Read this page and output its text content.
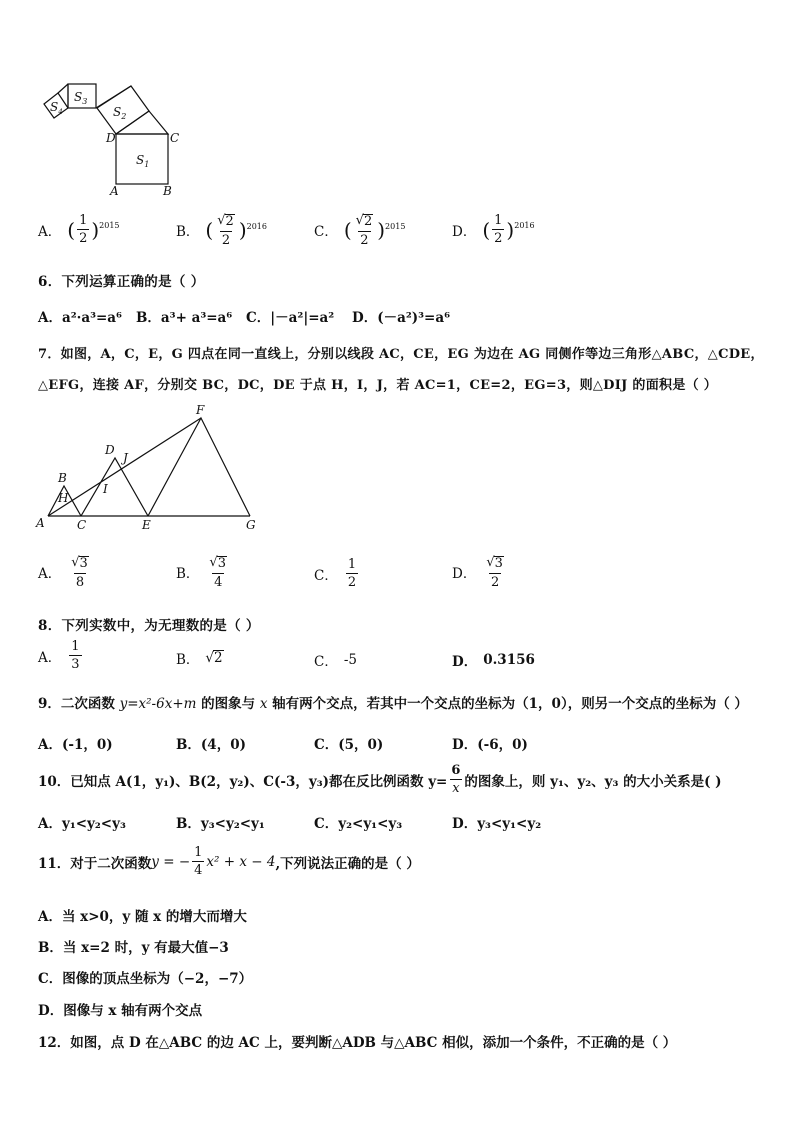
$S_1$
$S_2$
$S_3$
$S_4$
D	C
A	B
A． ( $\frac{1}{2} )^{2015}$	B． ( $\frac{√ 2}{2} )^{2016}$	C． ( $\frac{√ 2}{2} )^{2015}$	D． ( $\frac{1}{2} )^{2016}$
6．下列运算正确的是（ ）
A．a²·a³=a⁶ B．a³+ a³=a⁶ C．|－a²|=a² D．(－a²)³=a⁶
7．如图，A，C，E，G 四点在同一直线上，分别以线段 AC，CE，EG 为边在 AG 同侧作等边三角形△ABC，△CDE，
△EFG，连接 AF，分别交 BC，DC，DE 于点 H，I，J，若 AC=1，CE=2，EG=3，则△DIJ 的面积是（ ）
A
B
H
C
D
J
I
E
F
G
A． $\frac{√ 3}{8}$	B． $\frac{√ 3}{4}$	C． $\frac{1}{2}$	D． $\frac{√ 3}{2}$
8．下列实数中，为无理数的是（ ）
A． $\frac{1}{3}$	B． √ 2	C． -5	D． 0.3156
9．二次函数 y=x²-6x+m 的图象与 x 轴有两个交点，若其中一个交点的坐标为（1，0），则另一个交点的坐标为（ ）
A．(-1，0)	B．(4，0)	C．(5，0)	D．(-6，0)
10．已知点 A(1，y₁)、B(2，y₂)、C(-3，y₃)都在反比例函数 $y= \frac{6}{x}$ 的图象上，则 y₁、y₂、y₃ 的大小关系是( )
A．y₁<y₂<y₃	B．y₃<y₂<y₁	C．y₂<y₁<y₃	D．y₃<y₁<y₂
11．对于二次函数 y = − $\frac{1}{4} x^2 + x - 4$ ,下列说法正确的是（ ）
A．当 x>0，y 随 x 的增大而增大
B．当 x=2 时，y 有最大值−3
C．图像的顶点坐标为（−2，−7）
D．图像与 x 轴有两个交点
12．如图，点 D 在△ABC 的边 AC 上，要判断△ADB 与△ABC 相似，添加一个条件，不正确的是（ ）
